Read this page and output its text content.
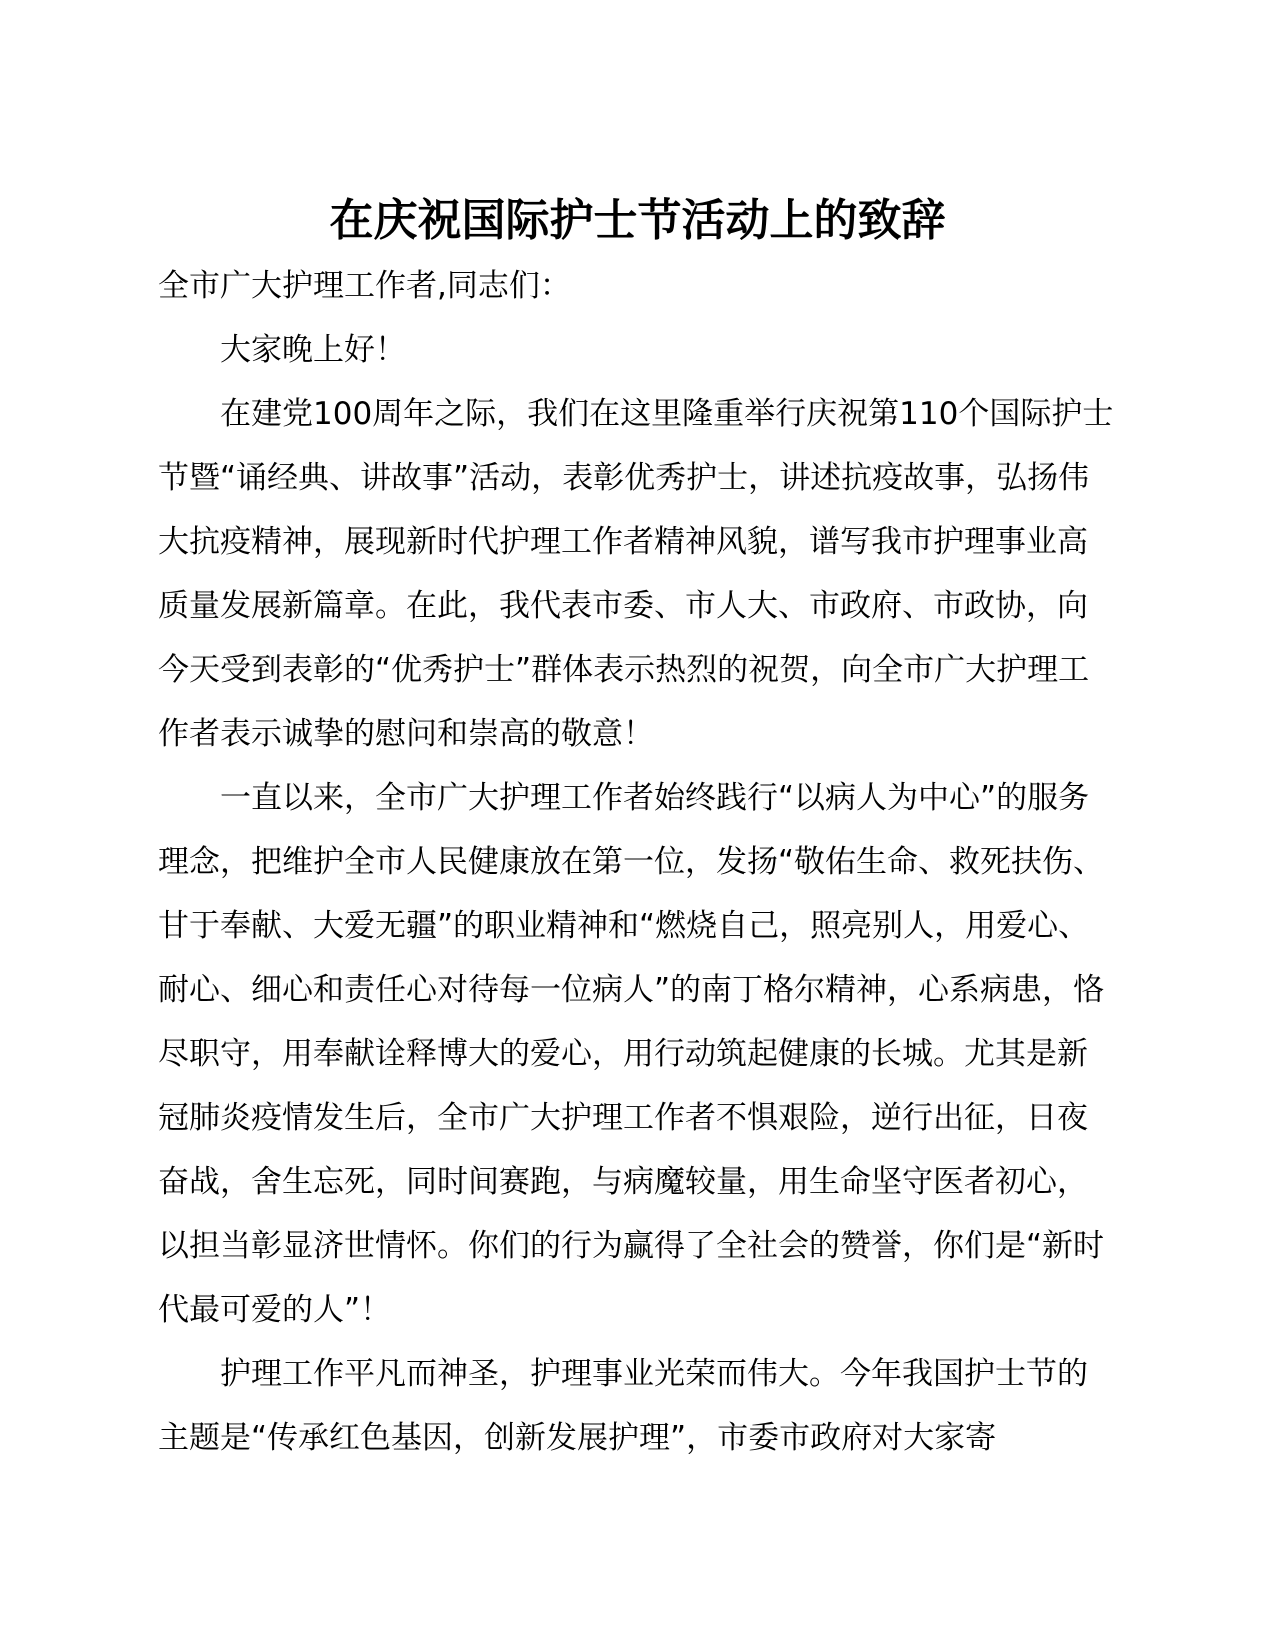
在庆祝国际护士节活动上的致辞

全市广大护理工作者,同志们：

大家晚上好！

在建党100周年之际，我们在这里隆重举行庆祝第110个国际护士节暨“诵经典、讲故事”活动，表彰优秀护士，讲述抗疫故事，弘扬伟大抗疫精神，展现新时代护理工作者精神风貌，谱写我市护理事业高质量发展新篇章。在此，我代表市委、市人大、市政府、市政协，向今天受到表彰的“优秀护士”群体表示热烈的祝贺，向全市广大护理工作者表示诚挚的慰问和崇高的敬意！

一直以来，全市广大护理工作者始终践行“以病人为中心”的服务理念，把维护全市人民健康放在第一位，发扬“敬佑生命、救死扶伤、甘于奉献、大爱无疆”的职业精神和“燃烧自己，照亮别人，用爱心、耐心、细心和责任心对待每一位病人”的南丁格尔精神，心系病患，恪尽职守，用奉献诠释博大的爱心，用行动筑起健康的长城。尤其是新冠肺炎疫情发生后，全市广大护理工作者不惧艰险，逆行出征，日夜奋战，舍生忘死，同时间赛跑，与病魔较量，用生命坚守医者初心，以担当彰显济世情怀。你们的行为赢得了全社会的赞誉，你们是“新时代最可爱的人”！

护理工作平凡而神圣，护理事业光荣而伟大。今年我国护士节的主题是“传承红色基因，创新发展护理”，市委市政府对大家寄
